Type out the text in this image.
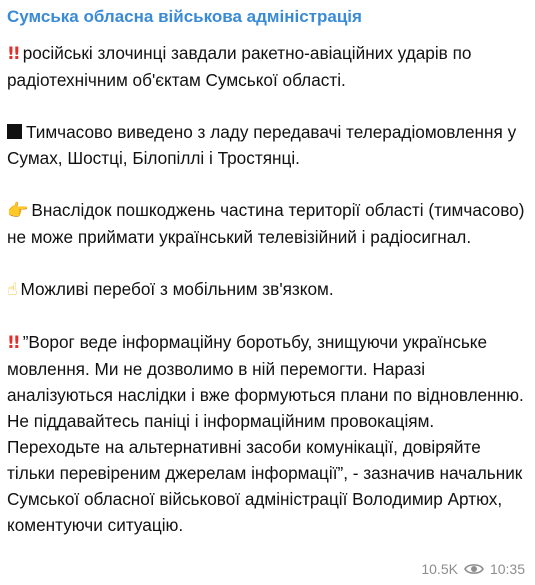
Сумська обласна військова адміністрація

!! російські злочинці завдали ракетно-авіаційних ударів по радіотехнічним об'єктам Сумської області.

Тимчасово виведено з ладу передавачі телерадіомовлення у Сумах, Шостці, Білопіллі і Тростянці.

👉 Внаслідок пошкоджень частина території області (тимчасово) не може приймати український телевізійний і радіосигнал.

☝ Можливі перебої з мобільним зв'язком.

!! ”Ворог веде інформаційну боротьбу, знищуючи українське мовлення. Ми не дозволимо в ній перемогти. Наразі аналізуються наслідки і вже формуються плани по відновленню. Не піддавайтесь паніці і інформаційним провокаціям. Переходьте на альтернативні засоби комунікації, довіряйте тільки перевіреним джерелам інформації”, - зазначив начальник Сумської обласної військової адміністрації Володимир Артюх, коментуючи ситуацію.

10.5K 10:35
